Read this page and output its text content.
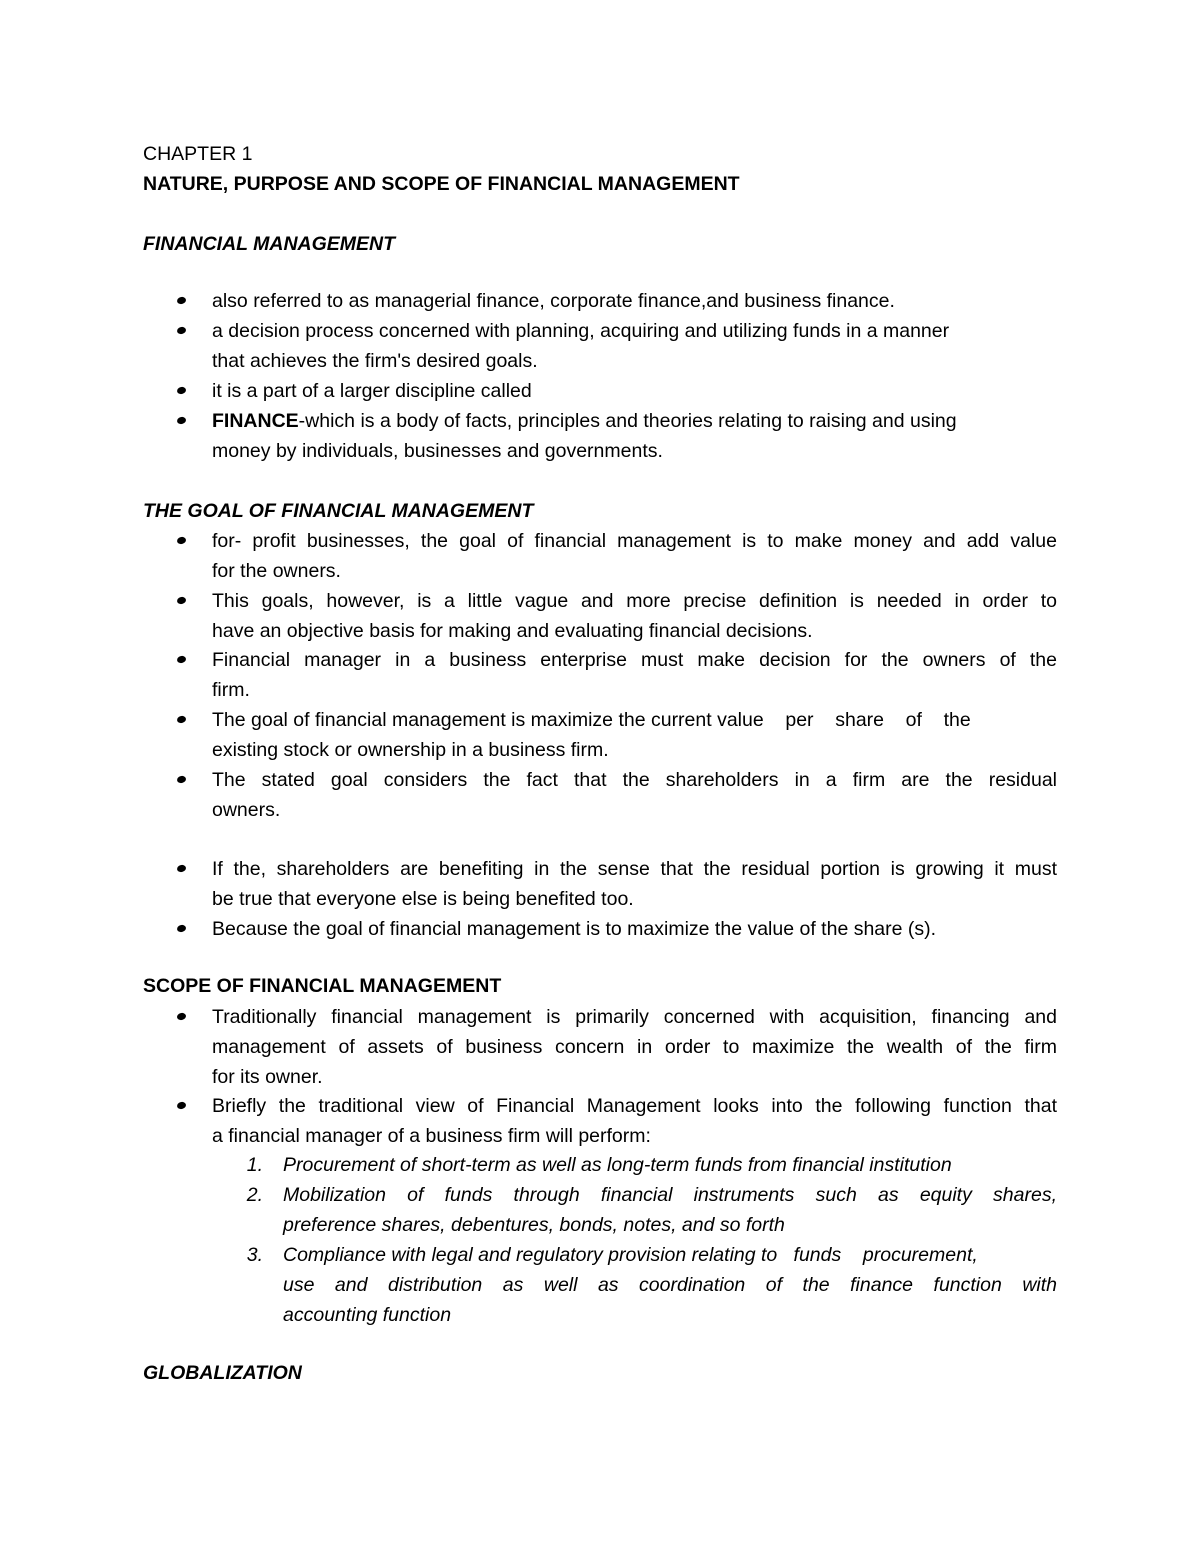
CHAPTER 1
NATURE, PURPOSE AND SCOPE OF FINANCIAL MANAGEMENT
FINANCIAL MANAGEMENT
also referred to as managerial finance, corporate finance,and business finance.
a decision process concerned with planning, acquiring and utilizing funds in a manner
that achieves the firm's desired goals.
it is a part of a larger discipline called
FINANCE-which is a body of facts, principles and theories relating to raising and using
money by individuals, businesses and governments.
THE GOAL OF FINANCIAL MANAGEMENT
for- profit businesses, the goal of financial management is to make money and add value
for the owners.
This goals, however, is a little vague and more precise definition is needed in order to
have an objective basis for making and evaluating financial decisions.
Financial manager in a business enterprise must make decision for the owners of the
firm.
The goal of financial management is maximize the current value    per    share    of    the
existing stock or ownership in a business firm.
The stated goal considers the fact that the shareholders in a firm are the residual
owners.
If the, shareholders are benefiting in the sense that the residual portion is growing it must
be true that everyone else is being benefited too.
Because the goal of financial management is to maximize the value of the share (s).
SCOPE OF FINANCIAL MANAGEMENT
Traditionally financial management is primarily concerned with acquisition, financing and
management of assets of business concern in order to maximize the wealth of the firm
for its owner.
Briefly the traditional view of Financial Management looks into the following function that
a financial manager of a business firm will perform:
1. Procurement of short-term as well as long-term funds from financial institution
2. Mobilization of funds through financial instruments such as equity shares,
preference shares, debentures, bonds, notes, and so forth
3. Compliance with legal and regulatory provision relating to   funds    procurement,
use and distribution as well as coordination of the finance function with
accounting function
GLOBALIZATION
